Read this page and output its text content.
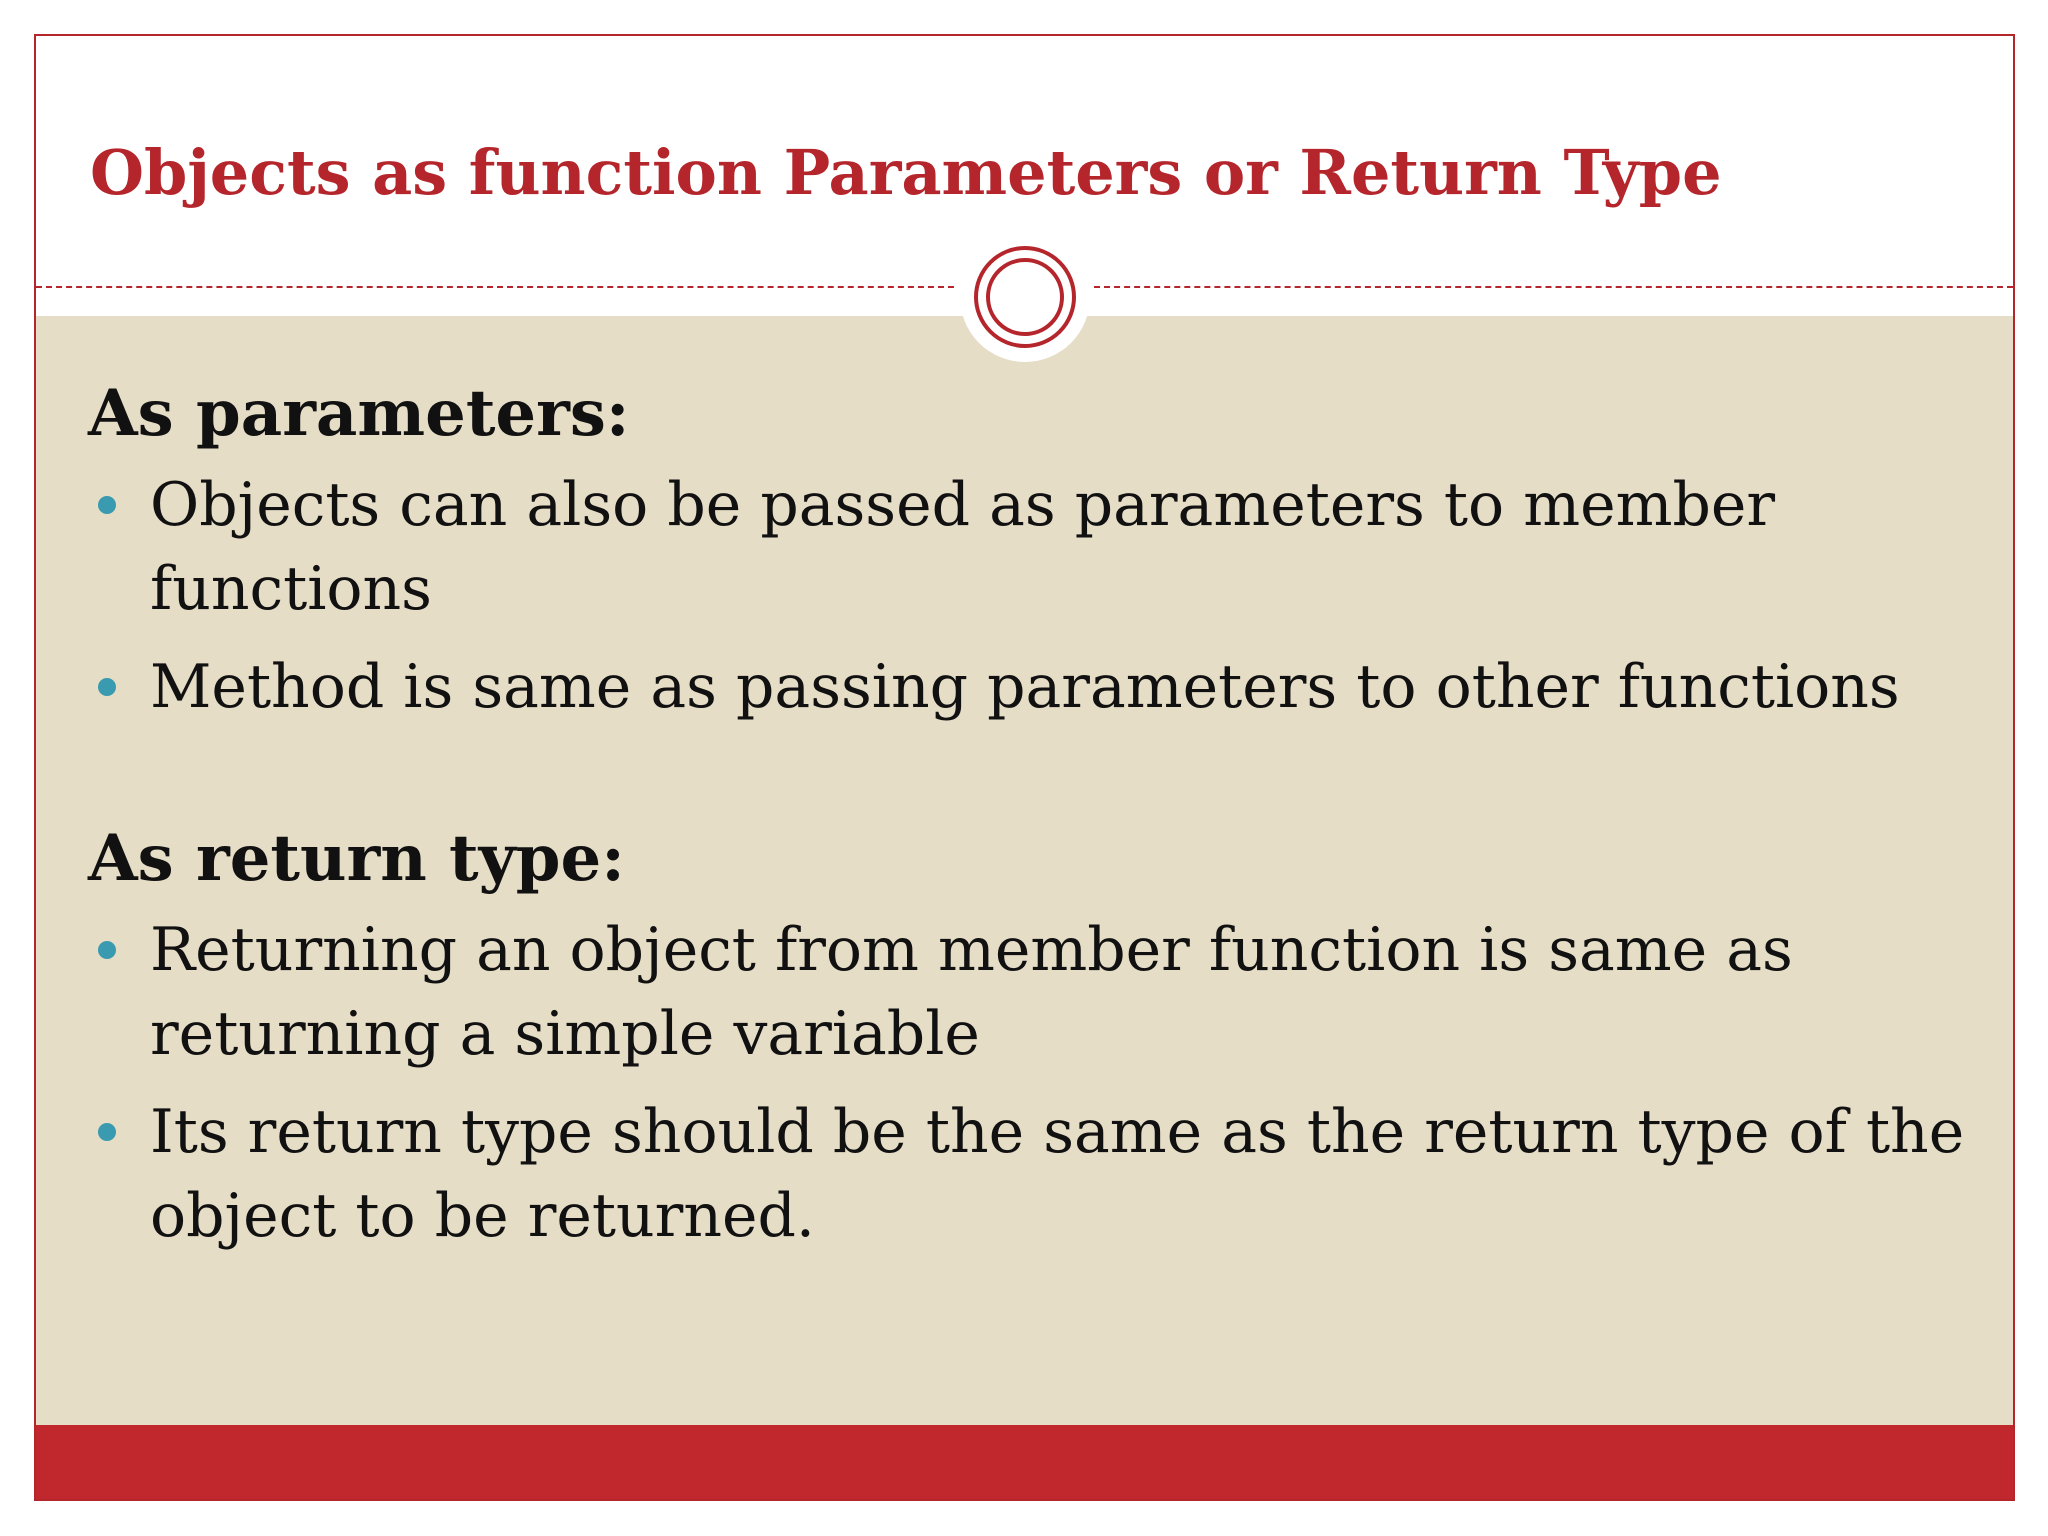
Objects as function Parameters or Return Type
As parameters:
Objects can also be passed as parameters to member functions
Method is same as passing parameters to other functions
As return type:
Returning an object from member function is same as returning a simple variable
Its return type should be the same as the return type of the object to be returned.
